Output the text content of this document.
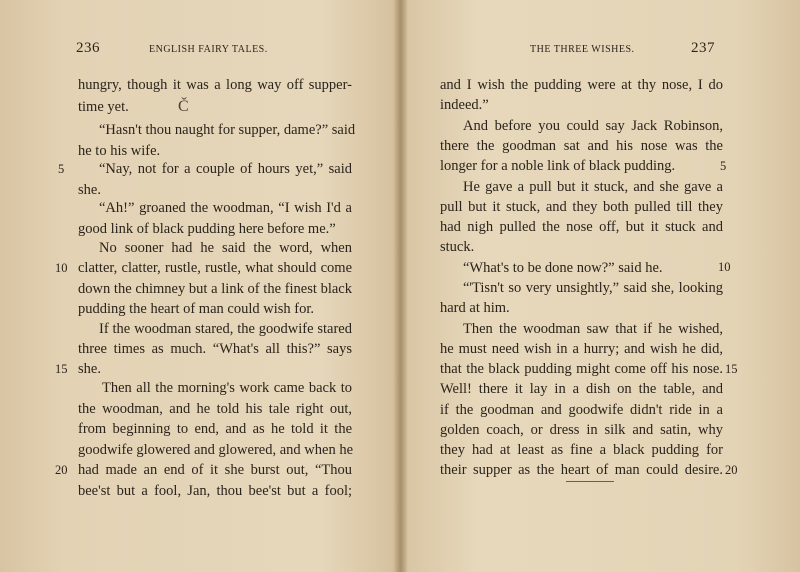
236	ENGLISH FAIRY TALES.
hungry, though it was a long way off supper-
time yet.	Č
“Hasn't thou naught for supper, dame?” said
he to his wife.
“Nay, not for a couple of hours yet,” said
she.
“Ah!” groaned the woodman, “I wish I'd a
good link of black pudding here before me.”
No sooner had he said the word, when
clatter, clatter, rustle, rustle, what should come
down the chimney but a link of the finest black
pudding the heart of man could wish for.
If the woodman stared, the goodwife stared
three times as much. “What's all this?” says
she.
Then all the morning's work came back to
the woodman, and he told his tale right out,
from beginning to end, and as he told it the
goodwife glowered and glowered, and when he
had made an end of it she burst out, “Thou
bee'st but a fool, Jan, thou bee'st but a fool;
5
10
15
20
THE THREE WISHES.	237
and I wish the pudding were at thy nose, I do
indeed.”
And before you could say Jack Robinson,
there the goodman sat and his nose was the
longer for a noble link of black pudding.
He gave a pull but it stuck, and she gave a
pull but it stuck, and they both pulled till they
had nigh pulled the nose off, but it stuck and
stuck.
“What's to be done now?” said he.
“'Tisn't so very unsightly,” said she, looking
hard at him.
Then the woodman saw that if he wished,
he must need wish in a hurry; and wish he did,
that the black pudding might come off his nose.
Well! there it lay in a dish on the table, and
if the goodman and goodwife didn't ride in a
golden coach, or dress in silk and satin, why
they had at least as fine a black pudding for
their supper as the heart of man could desire.
5
10
15
20
